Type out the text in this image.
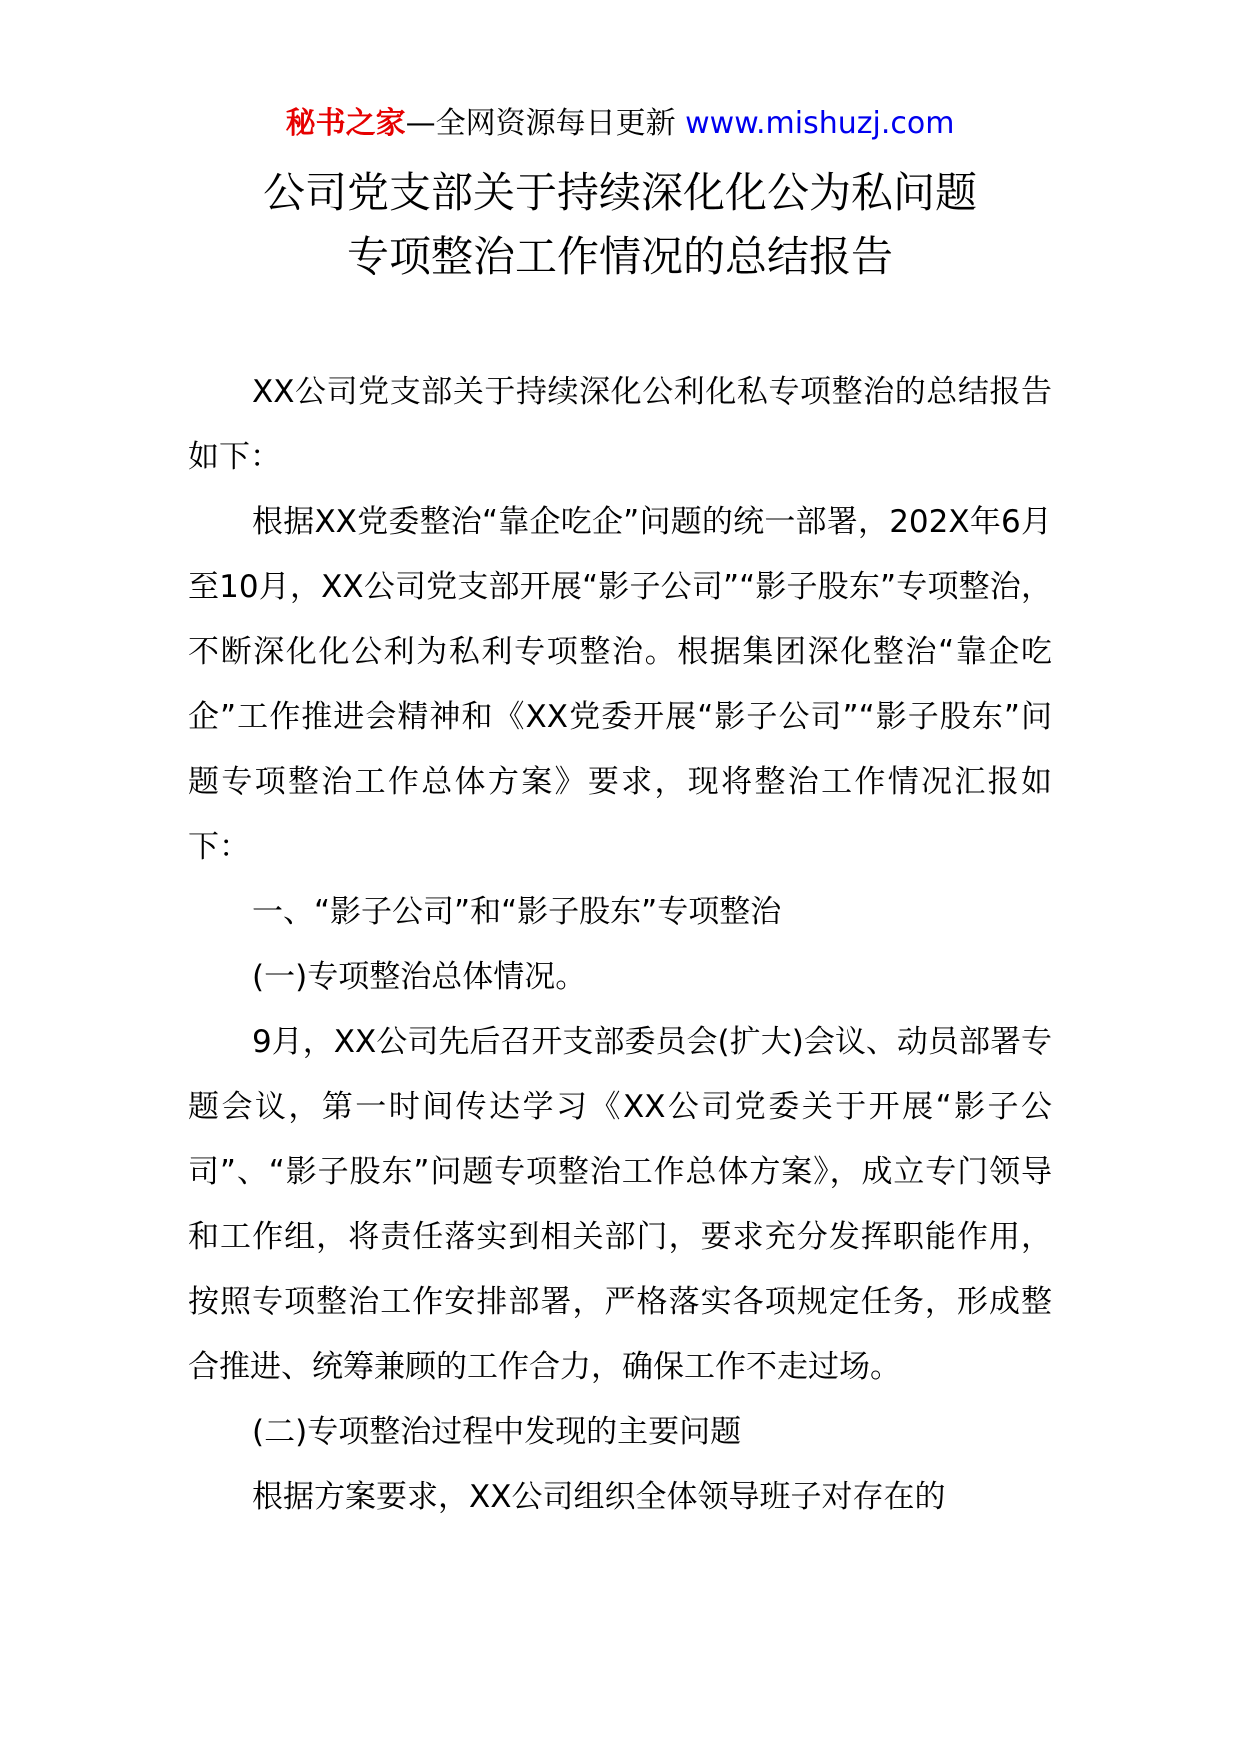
秘书之家—全网资源每日更新 www.mishuzj.com
公司党支部关于持续深化化公为私问题
专项整治工作情况的总结报告

XX公司党支部关于持续深化公利化私专项整治的总结报告如下：

根据XX党委整治“靠企吃企”问题的统一部署，202X年6月至10月，XX公司党支部开展“影子公司”“影子股东”专项整治，不断深化化公利为私利专项整治。根据集团深化整治“靠企吃企”工作推进会精神和《XX党委开展“影子公司”“影子股东”问题专项整治工作总体方案》要求，现将整治工作情况汇报如下：

一、“影子公司”和“影子股东”专项整治

(一)专项整治总体情况。

9月，XX公司先后召开支部委员会(扩大)会议、动员部署专题会议，第一时间传达学习《XX公司党委关于开展“影子公司”、“影子股东”问题专项整治工作总体方案》，成立专门领导和工作组，将责任落实到相关部门，要求充分发挥职能作用，按照专项整治工作安排部署，严格落实各项规定任务，形成整合推进、统筹兼顾的工作合力，确保工作不走过场。

(二)专项整治过程中发现的主要问题

根据方案要求，XX公司组织全体领导班子对存在的
